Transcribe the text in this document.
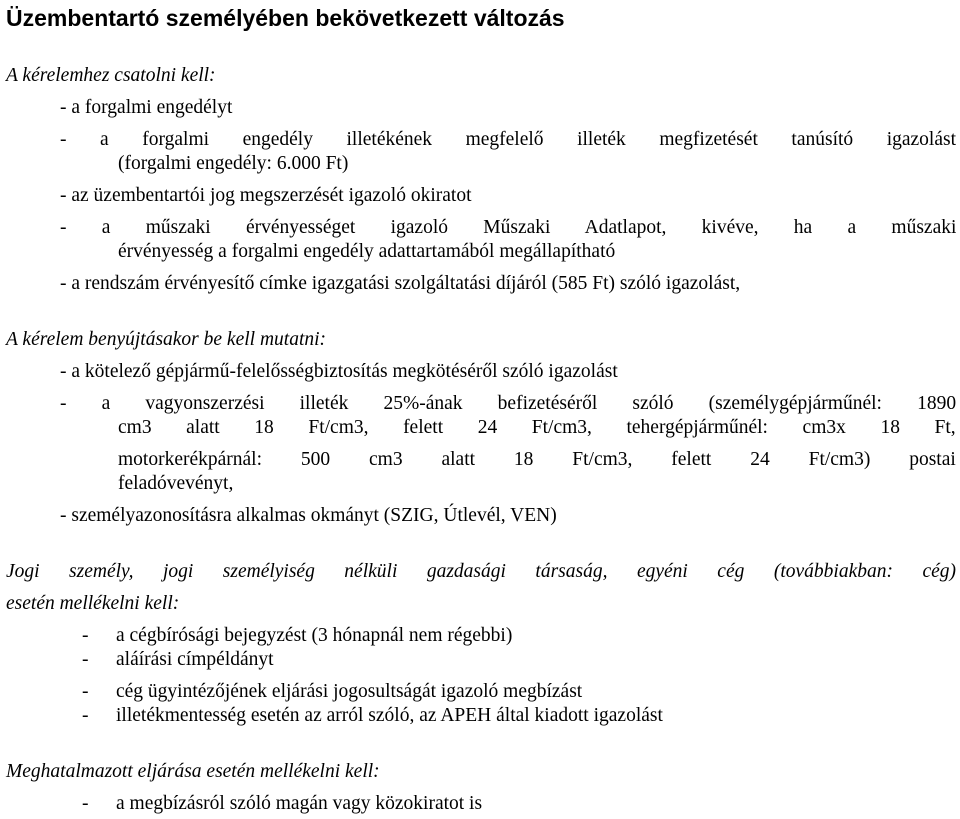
Üzembentartó személyében bekövetkezett változás

A kérelemhez csatolni kell:

- a forgalmi engedélyt

- a forgalmi engedély illetékének megfelelő illeték megfizetését tanúsító igazolást

(forgalmi engedély: 6.000 Ft)

- az üzembentartói jog megszerzését igazoló okiratot

- a műszaki érvényességet igazoló Műszaki Adatlapot, kivéve, ha a műszaki

érvényesség a forgalmi engedély adattartamából megállapítható

- a rendszám érvényesítő címke igazgatási szolgáltatási díjáról (585 Ft) szóló igazolást,

A kérelem benyújtásakor be kell mutatni:

- a kötelező gépjármű-felelősségbiztosítás megkötéséről szóló igazolást

- a vagyonszerzési illeték 25%-ának befizetéséről szóló (személygépjárműnél: 1890

cm3 alatt 18 Ft/cm3, felett 24 Ft/cm3, tehergépjárműnél: cm3x 18 Ft,

motorkerékpárnál: 500 cm3 alatt 18 Ft/cm3, felett 24 Ft/cm3) postai

feladóvevényt,

- személyazonosításra alkalmas okmányt (SZIG, Útlevél, VEN)

Jogi személy, jogi személyiség nélküli gazdasági társaság, egyéni cég (továbbiakban: cég)

esetén mellékelni kell:

- a cégbírósági bejegyzést (3 hónapnál nem régebbi)
- aláírási címpéldányt
- cég ügyintézőjének eljárási jogosultságát igazoló megbízást
- illetékmentesség esetén az arról szóló, az APEH által kiadott igazolást

Meghatalmazott eljárása esetén mellékelni kell:

- a megbízásról szóló magán vagy közokiratot is
